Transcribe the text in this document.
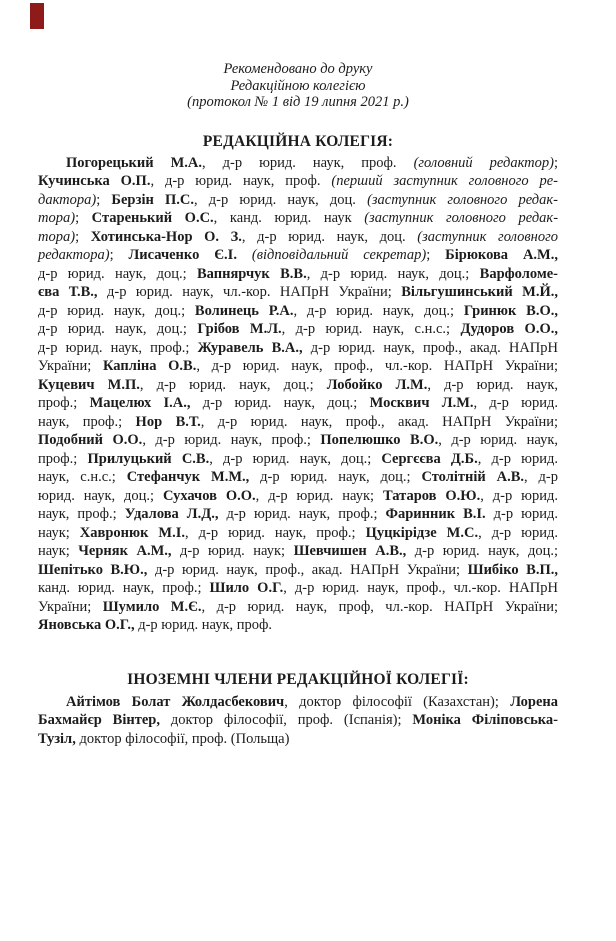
Рекомендовано до друку
Редакційною колегією
(протокол № 1 від 19 липня 2021 р.)
РЕДАКЦІЙНА КОЛЕГІЯ:
Погорецький М.А., д-р юрид. наук, проф. (головний редактор);
Кучинська О.П., д-р юрид. наук, проф. (перший заступник головного ре-
дактора); Берзін П.С., д-р юрид. наук, доц. (заступник головного редак-
тора); Старенький О.С., канд. юрид. наук (заступник головного редак-
тора); Хотинська-Нор О. З., д-р юрид. наук, доц. (заступник головного
редактора); Лисаченко Є.І. (відповідальний секретар); Бірюкова А.М.,
д-р юрид. наук, доц.; Вапнярчук В.В., д-р юрид. наук, доц.; Варфоломе-
єва Т.В., д-р юрид. наук, чл.-кор. НАПрН України; Вільгушинський М.Й.,
д-р юрид. наук, доц.; Волинець Р.А., д-р юрид. наук, доц.; Гринюк В.О.,
д-р юрид. наук, доц.; Грібов М.Л., д-р юрид. наук, с.н.с.; Дудоров О.О.,
д-р юрид. наук, проф.; Журавель В.А., д-р юрид. наук, проф., акад. НАПрН
України; Капліна О.В., д-р юрид. наук, проф., чл.-кор. НАПрН України;
Куцевич М.П., д-р юрид. наук, доц.; Лобойко Л.М., д-р юрид. наук,
проф.; Мацелюх І.А., д-р юрид. наук, доц.; Москвич Л.М., д-р юрид.
наук, проф.; Нор В.Т., д-р юрид. наук, проф., акад. НАПрН України;
Подобний О.О., д-р юрид. наук, проф.; Попелюшко В.О., д-р юрид. наук,
проф.; Прилуцький С.В., д-р юрид. наук, доц.; Сергєєва Д.Б., д-р юрид.
наук, с.н.с.; Стефанчук М.М., д-р юрид. наук, доц.; Столітній А.В., д-р
юрид. наук, доц.; Сухачов О.О., д-р юрид. наук; Татаров О.Ю., д-р юрид.
наук, проф.; Удалова Л.Д., д-р юрид. наук, проф.; Фаринник В.І. д-р юрид.
наук; Хавронюк М.І., д-р юрид. наук, проф.; Цуцкірідзе М.С., д-р юрид.
наук; Черняк А.М., д-р юрид. наук; Шевчишен А.В., д-р юрид. наук, доц.;
Шепітько В.Ю., д-р юрид. наук, проф., акад. НАПрН України; Шибіко В.П.,
канд. юрид. наук, проф.; Шило О.Г., д-р юрид. наук, проф., чл.-кор. НАПрН
України; Шумило М.Є., д-р юрид. наук, проф, чл.-кор. НАПрН України;
Яновська О.Г., д-р юрид. наук, проф.
ІНОЗЕМНІ ЧЛЕНИ РЕДАКЦІЙНОЇ КОЛЕГІЇ:
Айтімов Болат Жолдасбекович, доктор філософії (Казахстан); Лорена
Бахмайєр Вінтер, доктор філософії, проф. (Іспанія); Моніка Філіповська-
Тузіл, доктор філософії, проф. (Польща)
